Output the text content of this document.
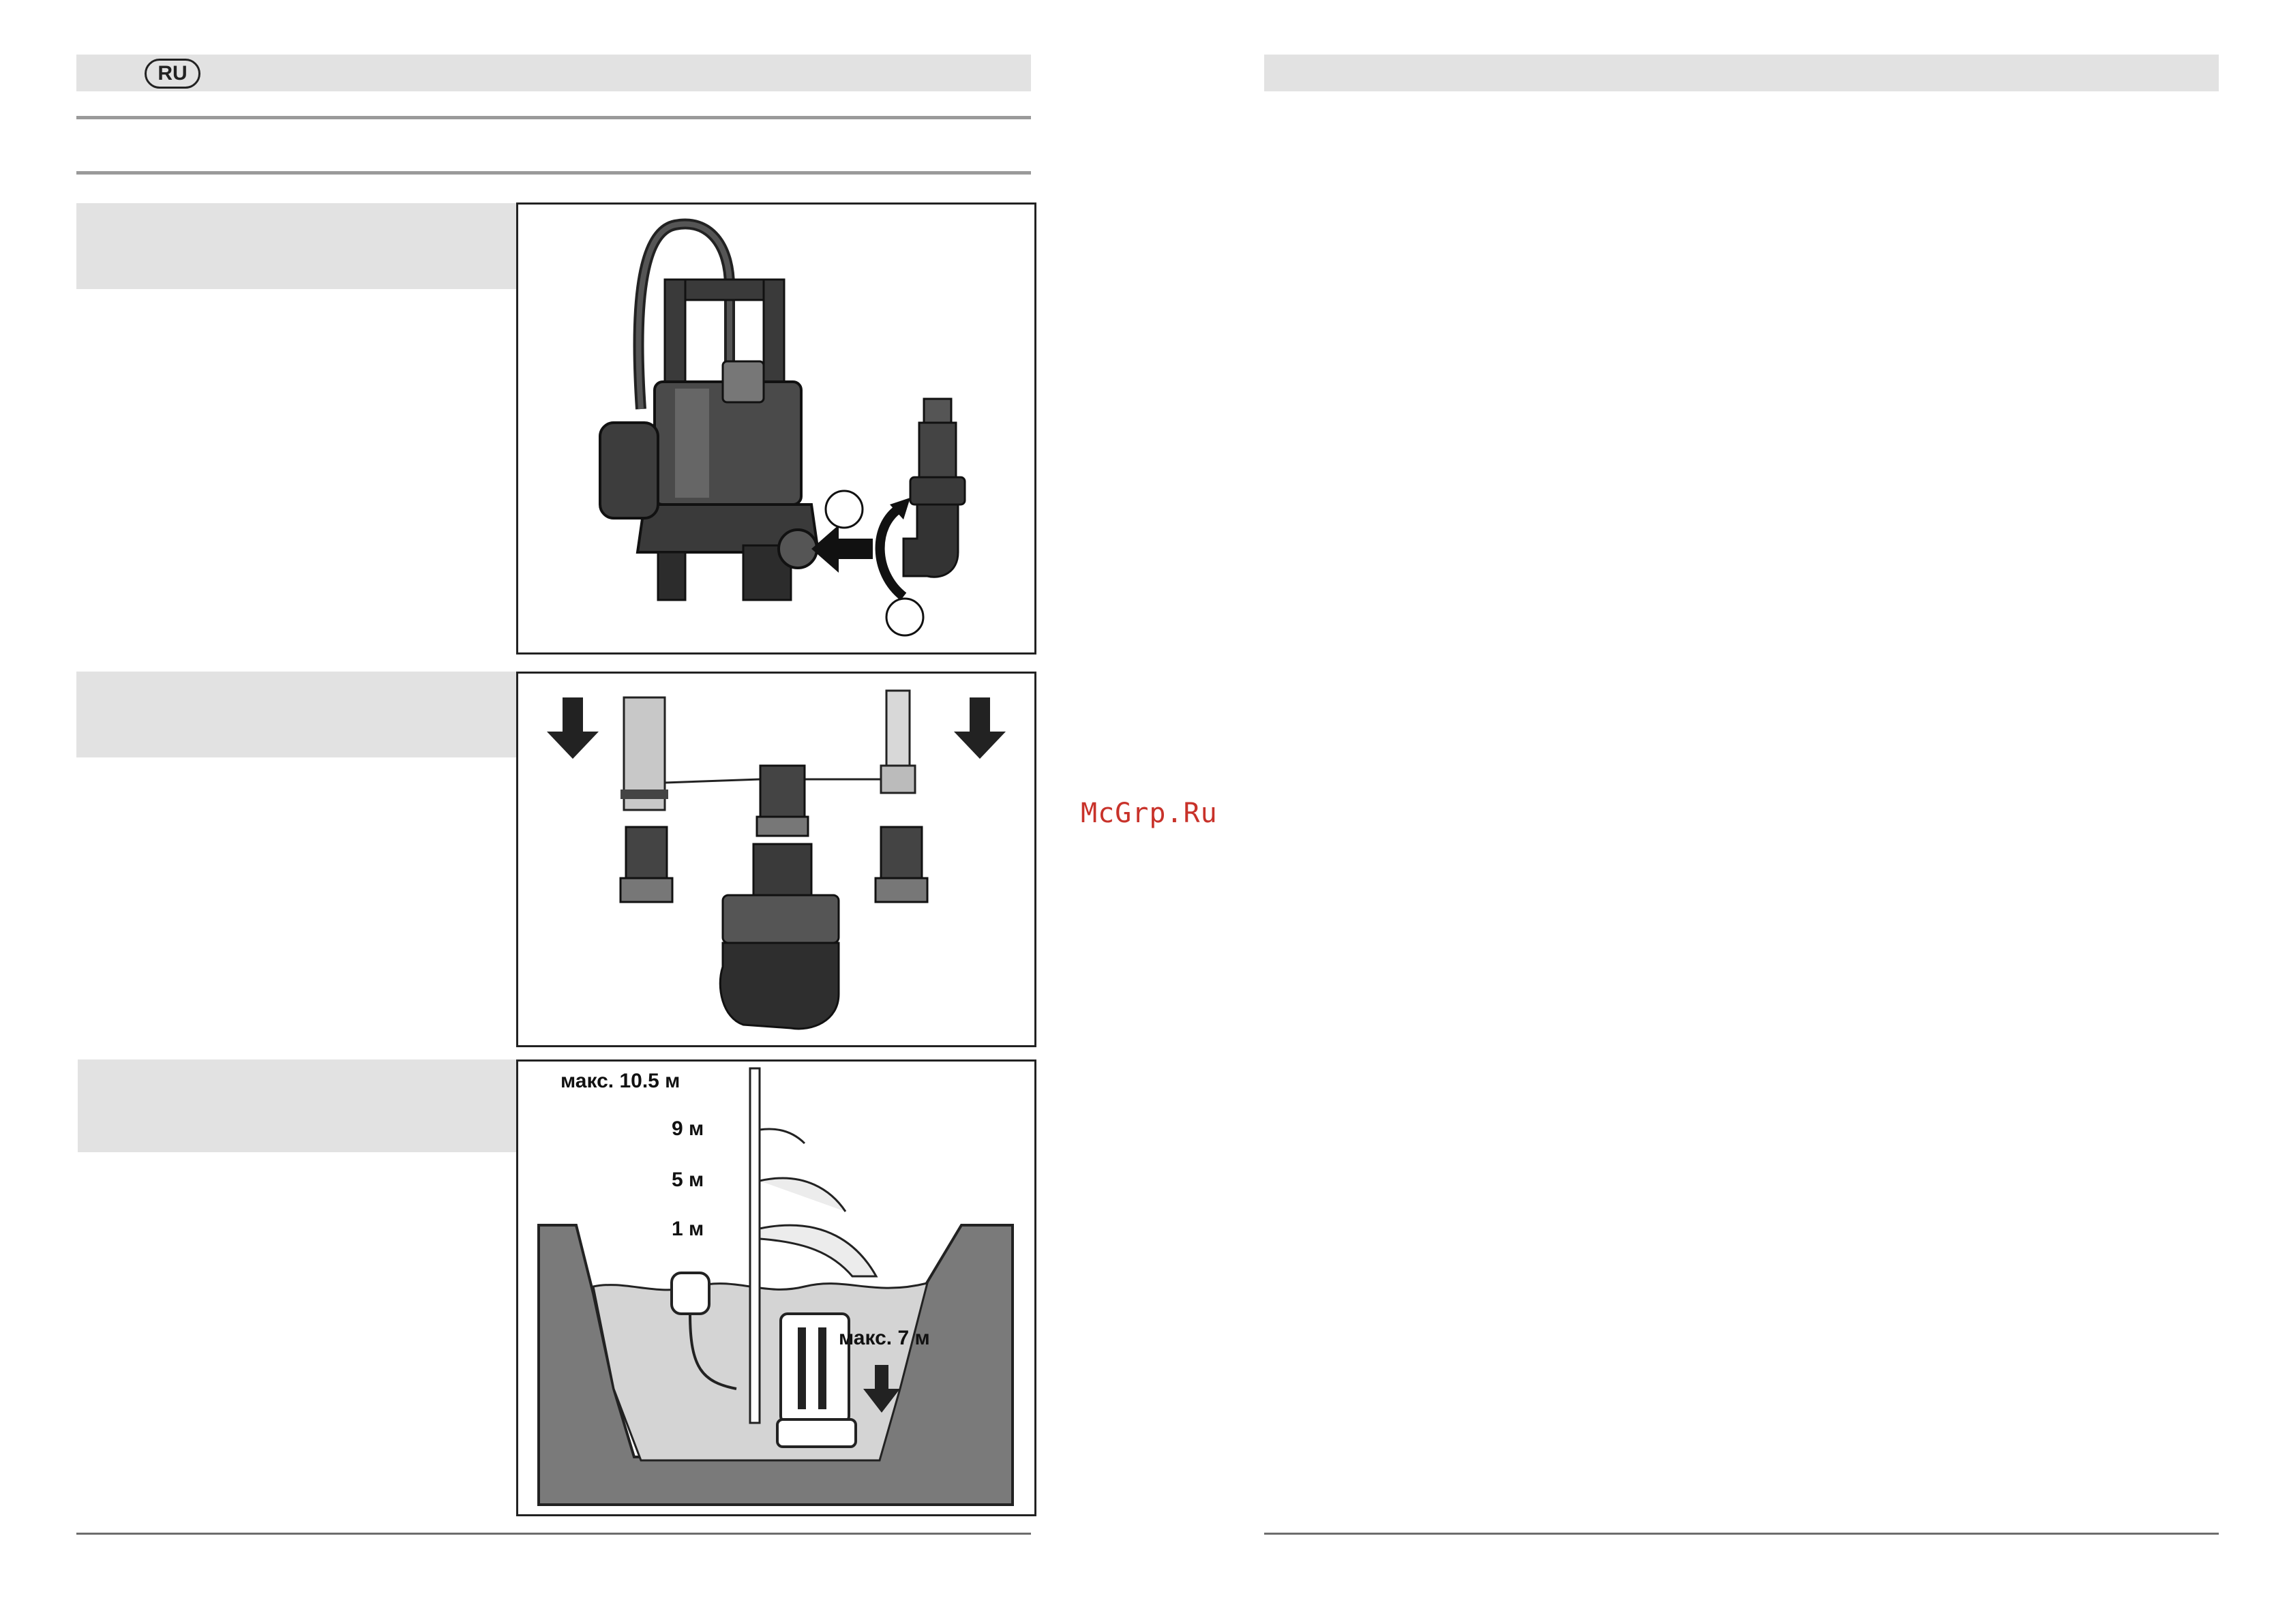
RU
макс. 10.5 м
9 м
5 м
1 м
макс. 7 м
McGrp.Ru
